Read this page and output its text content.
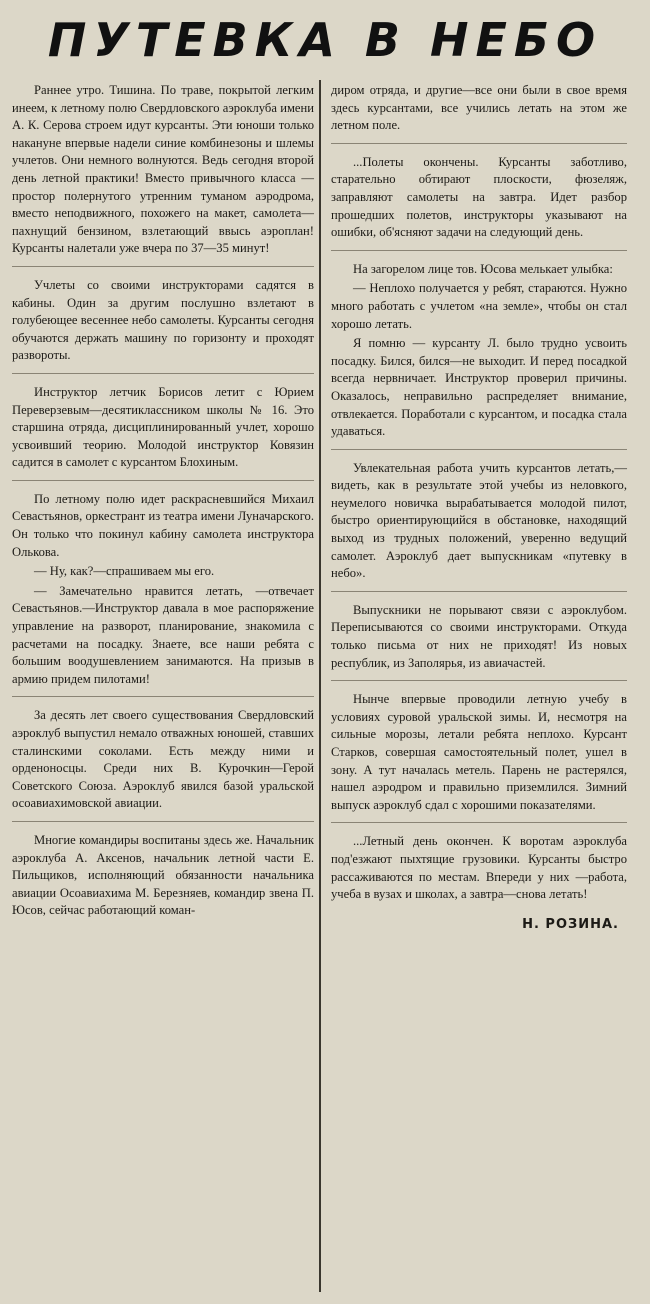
ПУТЕВКА В НЕБО

Раннее утро. Тишина. По траве, покрытой легким инеем, к летному полю Свердловского аэроклуба имени А. К. Серова строем идут курсанты. Эти юноши только накануне впервые надели синие комбинезоны и шлемы учлетов. Они немного волнуются. Ведь сегодня второй день летной практики! Вместо привычного класса —простор полернутого утренним туманом аэродрома, вместо неподвижного, похожего на макет, самолета—пахнущий бензином, взлетающий ввысь аэроплан! Курсанты налетали уже вчера по 37—35 минут!

Учлеты со своими инструкторами садятся в кабины. Один за другим послушно взлетают в голубеющее весеннее небо самолеты. Курсанты сегодня обучаются держать машину по горизонту и проходят развороты.

Инструктор летчик Борисов летит с Юрием Переверзевым—десятиклассником школы № 16. Это старшина отряда, дисциплинированный учлет, хорошо усвоивший теорию. Молодой инструктор Ковязин садится в самолет с курсантом Блохиным.

По летному полю идет раскрасневшийся Михаил Севастьянов, оркестрант из театра имени Луначарского. Он только что покинул кабину самолета инструктора Олькова.

— Ну, как?—спрашиваем мы его.

— Замечательно нравится летать, —отвечает Севастьянов.—Инструктор давала в мое распоряжение управление на разворот, планирование, знакомила с расчетами на посадку. Знаете, все наши ребята с большим воодушевлением занимаются. На призыв в армию придем пилотами!

За десять лет своего существования Свердловский аэроклуб выпустил немало отважных юношей, ставших сталинскими соколами. Есть между ними и орденоносцы. Среди них В. Курочкин—Герой Советского Союза. Аэроклуб явился базой уральской осоавиахимовской авиации.

Многие командиры воспитаны здесь же. Начальник аэроклуба А. Аксенов, начальник летной части Е. Пильщиков, исполняющий обязанности начальника авиации Осоавиахима М. Березняев, командир звена П. Юсов, сейчас работающий коман-

диром отряда, и другие—все они были в свое время здесь курсантами, все учились летать на этом же летном поле.

...Полеты окончены. Курсанты заботливо, старательно обтирают плоскости, фюзеляж, заправляют самолеты на завтра. Идет разбор прошедших полетов, инструкторы указывают на ошибки, об'ясняют задачи на следующий день.

На загорелом лице тов. Юсова мелькает улыбка:

— Неплохо получается у ребят, стараются. Нужно много работать с учлетом «на земле», чтобы он стал хорошо летать.

Я помню — курсанту Л. было трудно усвоить посадку. Бился, бился—не выходит. И перед посадкой всегда нервничает. Инструктор проверил причины. Оказалось, неправильно распределяет внимание, отвлекается. Поработали с курсантом, и посадка стала удаваться.

Увлекательная работа учить курсантов летать,—видеть, как в результате этой учебы из неловкого, неумелого новичка вырабатывается молодой пилот, быстро ориентирующийся в обстановке, находящий выход из трудных положений, уверенно ведущий самолет. Аэроклуб дает выпускникам «путевку в небо».

Выпускники не порывают связи с аэроклубом. Переписываются со своими инструкторами. Откуда только письма от них не приходят! Из новых республик, из Заполярья, из авиачастей.

Нынче впервые проводили летную учебу в условиях суровой уральской зимы. И, несмотря на сильные морозы, летали ребята неплохо. Курсант Старков, совершая самостоятельный полет, ушел в зону. А тут началась метель. Парень не растерялся, нашел аэродром и правильно приземлился. Зимний выпуск аэроклуб сдал с хорошими показателями.

...Летный день окончен. К воротам аэроклуба под'езжают пыхтящие грузовики. Курсанты быстро рассаживаются по местам. Впереди у них —работа, учеба в вузах и школах, а завтра—снова летать!

Н. РОЗИНА.
